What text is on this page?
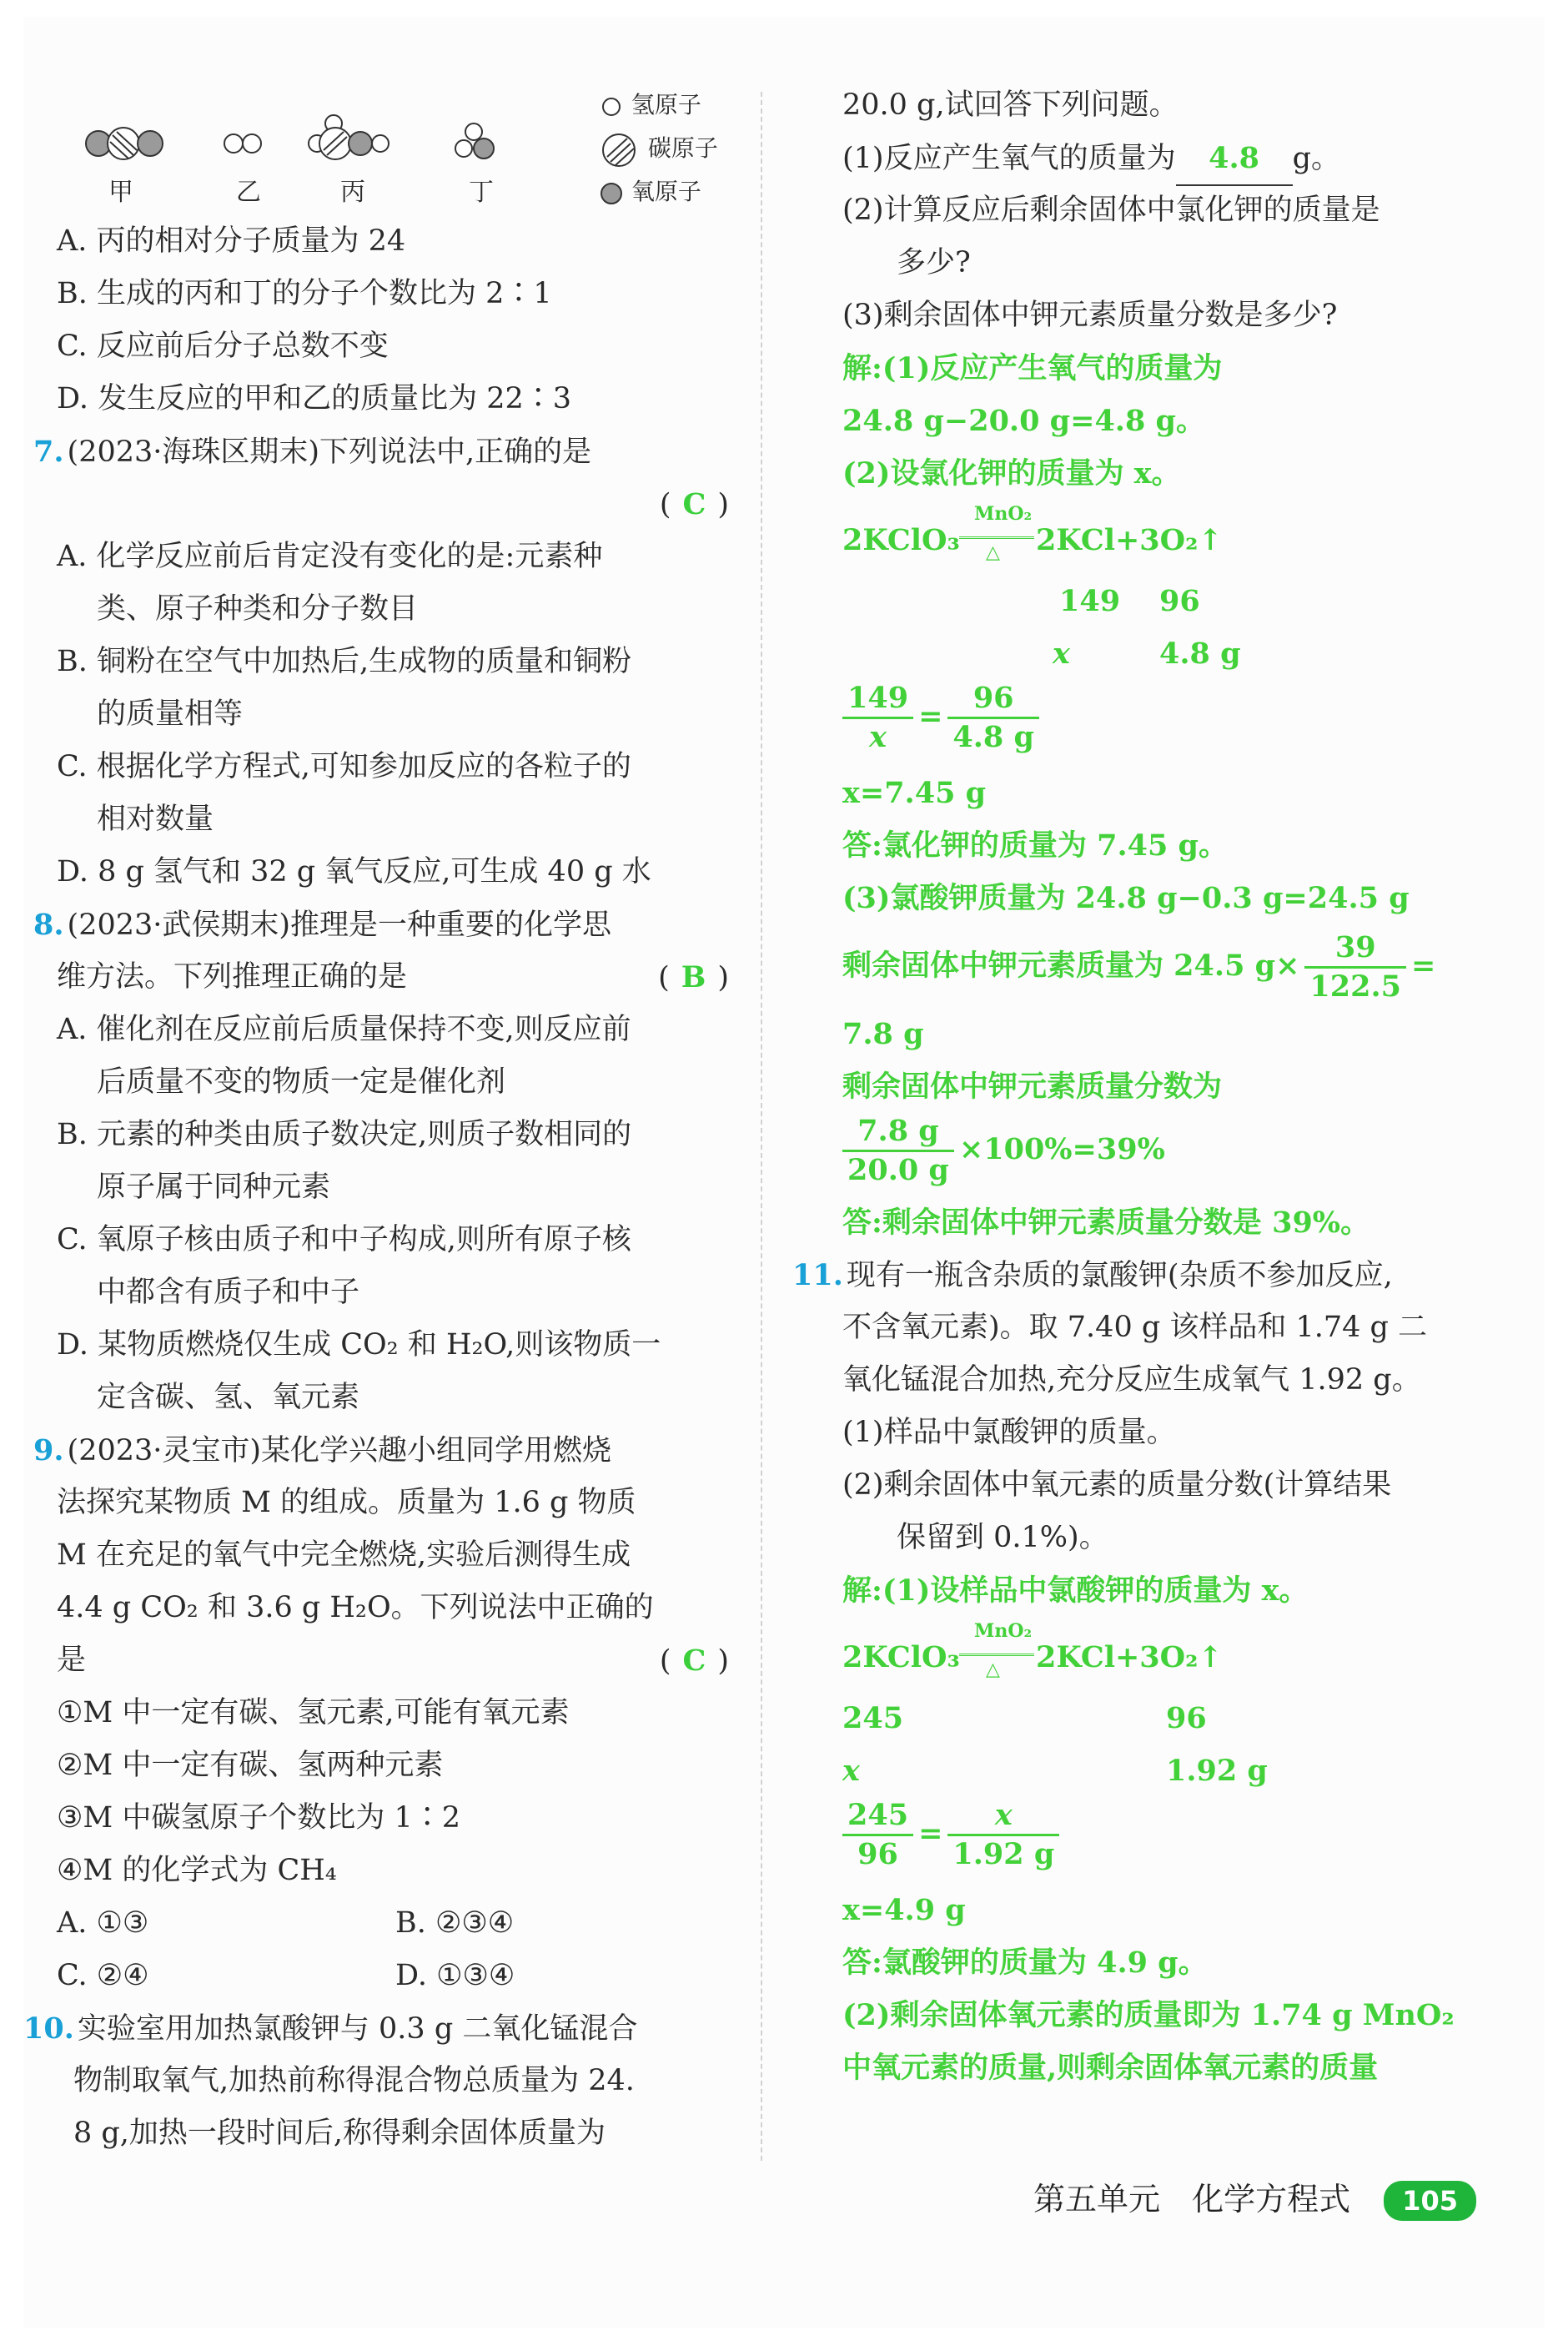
甲	乙	丙	丁
氢原子
碳原子
氧原子
A. 丙的相对分子质量为 24
B. 生成的丙和丁的分子个数比为 2∶1
C. 反应前后分子总数不变
D. 发生反应的甲和乙的质量比为 22∶3
7. (2023·海珠区期末)下列说法中,正确的是
( C )
A. 化学反应前后肯定没有变化的是:元素种
类、原子种类和分子数目
B. 铜粉在空气中加热后,生成物的质量和铜粉
的质量相等
C. 根据化学方程式,可知参加反应的各粒子的
相对数量
D. 8 g 氢气和 32 g 氧气反应,可生成 40 g 水
8. (2023·武侯期末)推理是一种重要的化学思
维方法。下列推理正确的是	( B )
A. 催化剂在反应前后质量保持不变,则反应前
后质量不变的物质一定是催化剂
B. 元素的种类由质子数决定,则质子数相同的
原子属于同种元素
C. 氧原子核由质子和中子构成,则所有原子核
中都含有质子和中子
D. 某物质燃烧仅生成 CO₂ 和 H₂O,则该物质一
定含碳、氢、氧元素
9. (2023·灵宝市)某化学兴趣小组同学用燃烧
法探究某物质 M 的组成。质量为 1.6 g 物质
M 在充足的氧气中完全燃烧,实验后测得生成
4.4 g CO₂ 和 3.6 g H₂O。下列说法中正确的
是	( C )
①M 中一定有碳、氢元素,可能有氧元素
②M 中一定有碳、氢两种元素
③M 中碳氢原子个数比为 1∶2
④M 的化学式为 CH₄
A. ①③	B. ②③④
C. ②④	D. ①③④
10. 实验室用加热氯酸钾与 0.3 g 二氧化锰混合
物制取氧气,加热前称得混合物总质量为 24.
8 g,加热一段时间后,称得剩余固体质量为
20.0 g,试回答下列问题。
(1)反应产生氧气的质量为 4.8 g。
(2)计算反应后剩余固体中氯化钾的质量是
多少?
(3)剩余固体中钾元素质量分数是多少?
解:(1)反应产生氧气的质量为
24.8 g−20.0 g=4.8 g。
(2)设氯化钾的质量为 x。
2KClO₃
MnO₂
△ 2KCl+3O₂↑
149 96
x	4.8 g
$\frac{149}{x} = \frac{96}{4.8 g}$
x=7.45 g
答:氯化钾的质量为 7.45 g。
(3)氯酸钾质量为 24.8 g−0.3 g=24.5 g
剩余固体中钾元素质量为 24.5 $g\times \frac{39}{122.5}$ =
7.8 g
剩余固体中钾元素质量分数为
$\frac{7.8 g}{20.0 g} \times 100\%=39\%$
答:剩余固体中钾元素质量分数是 39%。
11. 现有一瓶含杂质的氯酸钾(杂质不参加反应,
不含氧元素)。取 7.40 g 该样品和 1.74 g 二
氧化锰混合加热,充分反应生成氧气 1.92 g。
(1)样品中氯酸钾的质量。
(2)剩余固体中氧元素的质量分数(计算结果
保留到 0.1%)。
解:(1)设样品中氯酸钾的质量为 x。
2KClO₃
MnO₂
△ 2KCl+3O₂↑
245	96
x	1.92 g
$\frac{245}{96} = \frac{x}{1.92 g}$
x=4.9 g
答:氯酸钾的质量为 4.9 g。
(2)剩余固体氧元素的质量即为 1.74 g MnO₂
中氧元素的质量,则剩余固体氧元素的质量
第五单元 化学方程式 105
